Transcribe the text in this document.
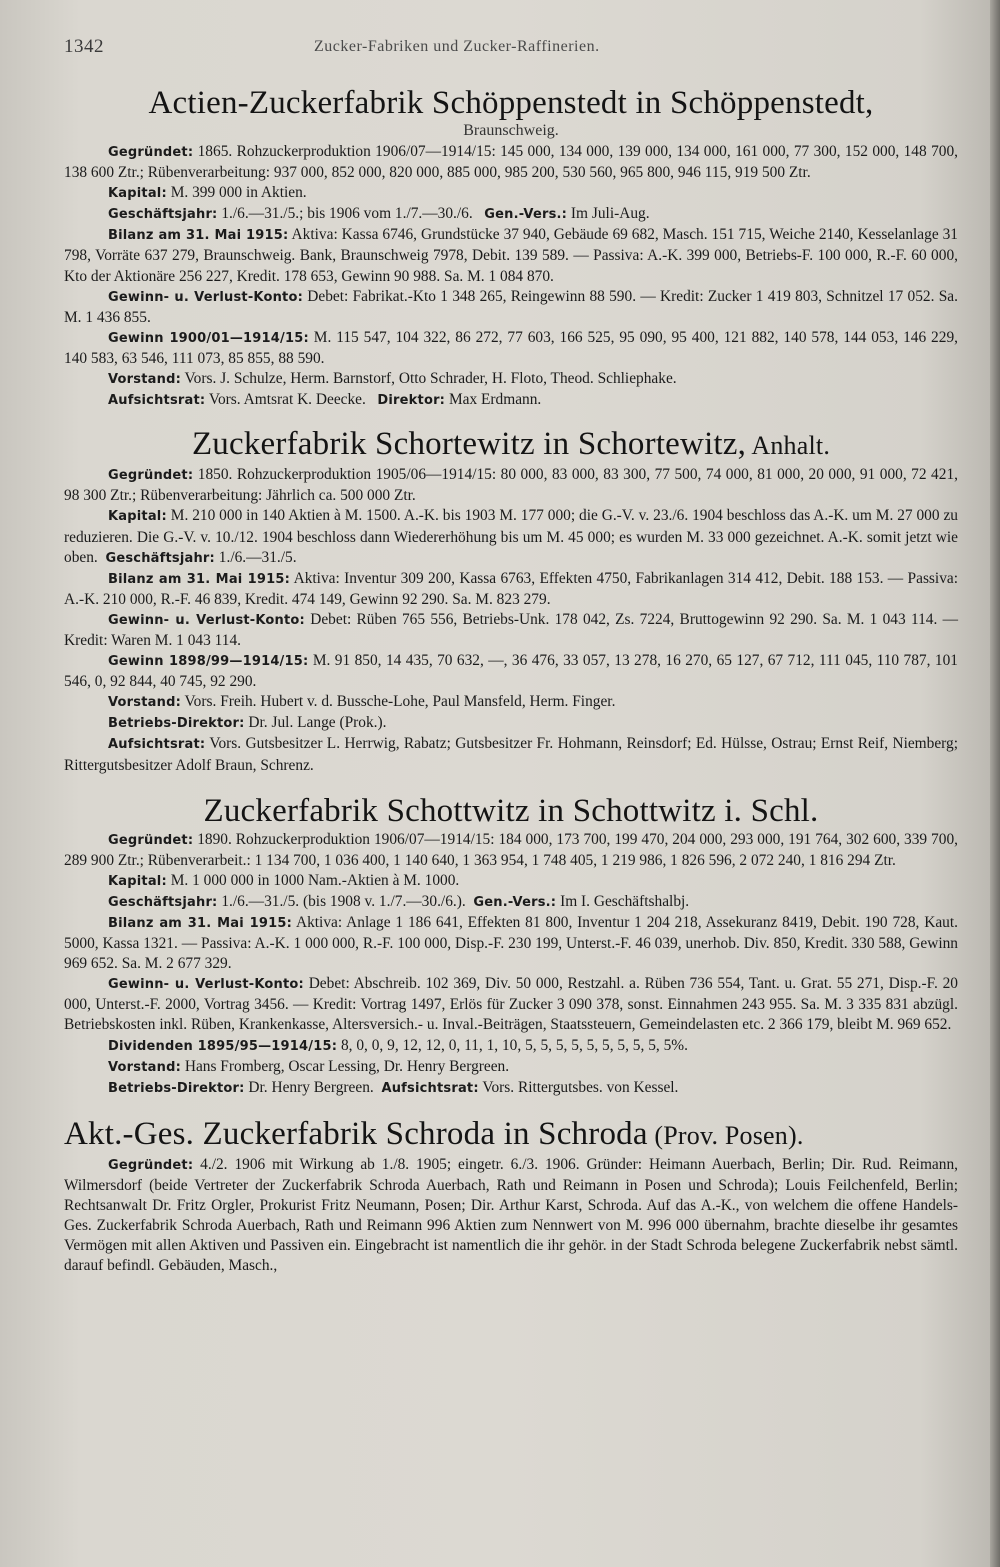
1342	Zucker-Fabriken und Zucker-Raffinerien.
Actien-Zuckerfabrik Schöppenstedt in Schöppenstedt,
Braunschweig.

Gegründet: 1865. Rohzuckerproduktion 1906/07—1914/15: 145 000, 134 000, 139 000, 134 000, 161 000, 77 300, 152 000, 148 700, 138 600 Ztr.; Rübenverarbeitung: 937 000, 852 000, 820 000, 885 000, 985 200, 530 560, 965 800, 946 115, 919 500 Ztr.

Kapital: M. 399 000 in Aktien.

Geschäftsjahr: 1./6.—31./5.; bis 1906 vom 1./7.—30./6. Gen.-Vers.: Im Juli-Aug.

Bilanz am 31. Mai 1915: Aktiva: Kassa 6746, Grundstücke 37 940, Gebäude 69 682, Masch. 151 715, Weiche 2140, Kesselanlage 31 798, Vorräte 637 279, Braunschweig. Bank, Braunschweig 7978, Debit. 139 589. — Passiva: A.-K. 399 000, Betriebs-F. 100 000, R.-F. 60 000, Kto der Aktionäre 256 227, Kredit. 178 653, Gewinn 90 988. Sa. M. 1 084 870.

Gewinn- u. Verlust-Konto: Debet: Fabrikat.-Kto 1 348 265, Reingewinn 88 590. — Kredit: Zucker 1 419 803, Schnitzel 17 052. Sa. M. 1 436 855.

Gewinn 1900/01—1914/15: M. 115 547, 104 322, 86 272, 77 603, 166 525, 95 090, 95 400, 121 882, 140 578, 144 053, 146 229, 140 583, 63 546, 111 073, 85 855, 88 590.

Vorstand: Vors. J. Schulze, Herm. Barnstorf, Otto Schrader, H. Floto, Theod. Schliephake.

Aufsichtsrat: Vors. Amtsrat K. Deecke. Direktor: Max Erdmann.

Zuckerfabrik Schortewitz in Schortewitz, Anhalt.

Gegründet: 1850. Rohzuckerproduktion 1905/06—1914/15: 80 000, 83 000, 83 300, 77 500, 74 000, 81 000, 20 000, 91 000, 72 421, 98 300 Ztr.; Rübenverarbeitung: Jährlich ca. 500 000 Ztr.

Kapital: M. 210 000 in 140 Aktien à M. 1500. A.-K. bis 1903 M. 177 000; die G.-V. v. 23./6. 1904 beschloss das A.-K. um M. 27 000 zu reduzieren. Die G.-V. v. 10./12. 1904 beschloss dann Wiedererhöhung bis um M. 45 000; es wurden M. 33 000 gezeichnet. A.-K. somit jetzt wie oben. Geschäftsjahr: 1./6.—31./5.

Bilanz am 31. Mai 1915: Aktiva: Inventur 309 200, Kassa 6763, Effekten 4750, Fabrikanlagen 314 412, Debit. 188 153. — Passiva: A.-K. 210 000, R.-F. 46 839, Kredit. 474 149, Gewinn 92 290. Sa. M. 823 279.

Gewinn- u. Verlust-Konto: Debet: Rüben 765 556, Betriebs-Unk. 178 042, Zs. 7224, Bruttogewinn 92 290. Sa. M. 1 043 114. — Kredit: Waren M. 1 043 114.

Gewinn 1898/99—1914/15: M. 91 850, 14 435, 70 632, —, 36 476, 33 057, 13 278, 16 270, 65 127, 67 712, 111 045, 110 787, 101 546, 0, 92 844, 40 745, 92 290.

Vorstand: Vors. Freih. Hubert v. d. Bussche-Lohe, Paul Mansfeld, Herm. Finger.

Betriebs-Direktor: Dr. Jul. Lange (Prok.).

Aufsichtsrat: Vors. Gutsbesitzer L. Herrwig, Rabatz; Gutsbesitzer Fr. Hohmann, Reinsdorf; Ed. Hülsse, Ostrau; Ernst Reif, Niemberg; Rittergutsbesitzer Adolf Braun, Schrenz.

Zuckerfabrik Schottwitz in Schottwitz i. Schl.

Gegründet: 1890. Rohzuckerproduktion 1906/07—1914/15: 184 000, 173 700, 199 470, 204 000, 293 000, 191 764, 302 600, 339 700, 289 900 Ztr.; Rübenverarbeit.: 1 134 700, 1 036 400, 1 140 640, 1 363 954, 1 748 405, 1 219 986, 1 826 596, 2 072 240, 1 816 294 Ztr.

Kapital: M. 1 000 000 in 1000 Nam.-Aktien à M. 1000.

Geschäftsjahr: 1./6.—31./5. (bis 1908 v. 1./7.—30./6.). Gen.-Vers.: Im I. Geschäftshalbj.

Bilanz am 31. Mai 1915: Aktiva: Anlage 1 186 641, Effekten 81 800, Inventur 1 204 218, Assekuranz 8419, Debit. 190 728, Kaut. 5000, Kassa 1321. — Passiva: A.-K. 1 000 000, R.-F. 100 000, Disp.-F. 230 199, Unterst.-F. 46 039, unerhob. Div. 850, Kredit. 330 588, Gewinn 969 652. Sa. M. 2 677 329.

Gewinn- u. Verlust-Konto: Debet: Abschreib. 102 369, Div. 50 000, Restzahl. a. Rüben 736 554, Tant. u. Grat. 55 271, Disp.-F. 20 000, Unterst.-F. 2000, Vortrag 3456. — Kredit: Vortrag 1497, Erlös für Zucker 3 090 378, sonst. Einnahmen 243 955. Sa. M. 3 335 831 abzügl. Betriebskosten inkl. Rüben, Krankenkasse, Altersversich.- u. Inval.-Beiträgen, Staatssteuern, Gemeindelasten etc. 2 366 179, bleibt M. 969 652.

Dividenden 1895/95—1914/15: 8, 0, 0, 9, 12, 12, 0, 11, 1, 10, 5, 5, 5, 5, 5, 5, 5, 5, 5, 5%.

Vorstand: Hans Fromberg, Oscar Lessing, Dr. Henry Bergreen.

Betriebs-Direktor: Dr. Henry Bergreen. Aufsichtsrat: Vors. Rittergutsbes. von Kessel.

Akt.-Ges. Zuckerfabrik Schroda in Schroda (Prov. Posen).

Gegründet: 4./2. 1906 mit Wirkung ab 1./8. 1905; eingetr. 6./3. 1906. Gründer: Heimann Auerbach, Berlin; Dir. Rud. Reimann, Wilmersdorf (beide Vertreter der Zuckerfabrik Schroda Auerbach, Rath und Reimann in Posen und Schroda); Louis Feilchenfeld, Berlin; Rechtsanwalt Dr. Fritz Orgler, Prokurist Fritz Neumann, Posen; Dir. Arthur Karst, Schroda. Auf das A.-K., von welchem die offene Handels-Ges. Zuckerfabrik Schroda Auerbach, Rath und Reimann 996 Aktien zum Nennwert von M. 996 000 übernahm, brachte dieselbe ihr gesamtes Vermögen mit allen Aktiven und Passiven ein. Eingebracht ist namentlich die ihr gehör. in der Stadt Schroda belegene Zuckerfabrik nebst sämtl. darauf befindl. Gebäuden, Masch.,
